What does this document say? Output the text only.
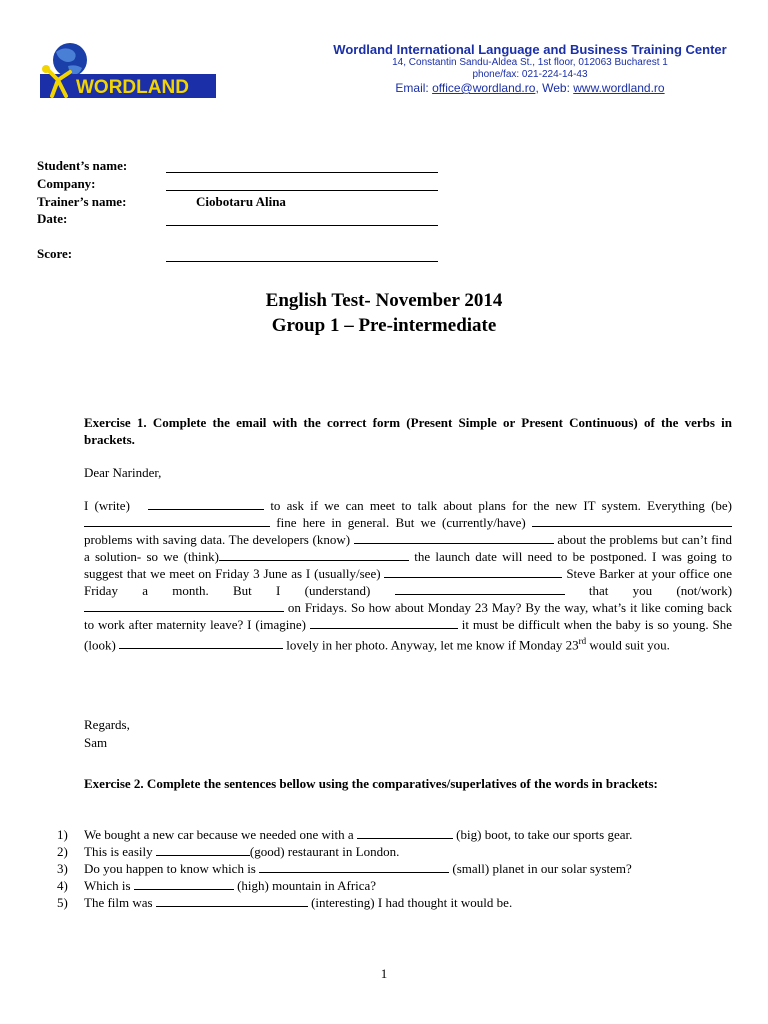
WORDLAND
Wordland International Language and Business Training Center
14, Constantin Sandu-Aldea St., 1st floor, 012063 Bucharest 1
phone/fax: 021-224-14-43
Email: office@wordland.ro, Web: www.wordland.ro
Student’s name:
Company:
Trainer’s name:	Ciobotaru Alina
Date:
Score:
English Test- November 2014
Group 1 – Pre-intermediate
Exercise 1. Complete the email with the correct form (Present Simple or Present Continuous) of the verbs in brackets.
Dear Narinder,
I (write)	to ask if we can meet to talk about plans for the new IT system. Everything (be) fine here in general. But we (currently/have)  problems with saving data. The developers (know)	about the problems but can’t find a solution- so we (think)	the launch date will need to be postponed. I was going to suggest that we meet on Friday 3 June as I (usually/see)	Steve Barker at your office one Friday a month. But I (understand)	that you (not/work)  on Fridays. So how about Monday 23 May? By the way, what’s it like coming back to work after maternity leave? I (imagine)	it must be difficult when the baby is so young. She (look)	lovely in her photo. Anyway, let me know if Monday 23rd would suit you.
Regards,
Sam
Exercise 2. Complete the sentences bellow using the comparatives/superlatives of the words in brackets:
1) We bought a new car because we needed one with a	(big) boot, to take our sports gear.
2) This is easily	(good) restaurant in London.
3) Do you happen to know which is	(small) planet in our solar system?
4) Which is	(high) mountain in Africa?
5) The film was	(interesting) I had thought it would be.
1
